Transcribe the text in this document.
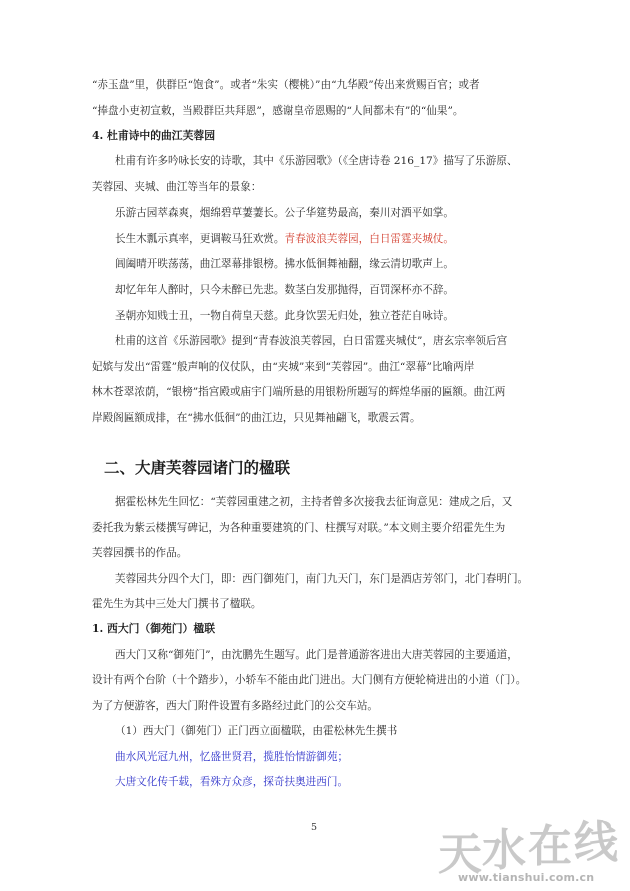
“赤玉盘”里，供群臣“饱食”。或者“朱实（樱桃）”由“九华殿”传出来赏赐百官；或者
“捧盘小吏初宣敕，当殿群臣共拜恩”，感谢皇帝恩赐的“人间都未有”的“仙果”。
4. 杜甫诗中的曲江芙蓉园
杜甫有许多吟咏长安的诗歌，其中《乐游园歌》（《全唐诗卷 216_17》描写了乐游原、
芙蓉园、夹城、曲江等当年的景象：
乐游古园萃森爽，烟绵碧草萋萋长。公子华筵势最高，秦川对酒平如掌。
长生木瓢示真率，更调鞍马狂欢赏。青春波浪芙蓉园，白日雷霆夹城仗。
阊阖晴开昳荡荡，曲江翠幕排银榜。拂水低徊舞袖翻，缘云清切歌声上。
却忆年年人醉时，只今未醉已先悲。数茎白发那抛得，百罚深杯亦不辞。
圣朝亦知贱士丑，一物自荷皇天慈。此身饮罢无归处，独立苍茫自咏诗。
杜甫的这首《乐游园歌》提到“青春波浪芙蓉园，白日雷霆夹城仗”，唐玄宗率领后宫
妃嫔与发出“雷霆”般声响的仪仗队，由“夹城”来到“芙蓉园”。曲江“翠幕”比喻两岸
林木苍翠浓荫，“银榜”指宫殿或庙宇门端所悬的用银粉所题写的辉煌华丽的匾额。曲江两
岸殿阁匾额成排，在“拂水低徊”的曲江边，只见舞袖翩飞，歌震云霄。
二、大唐芙蓉园诸门的楹联
据霍松林先生回忆：“芙蓉园重建之初，主持者曾多次接我去征询意见：建成之后，又
委托我为紫云楼撰写碑记，为各种重要建筑的门、柱撰写对联。”本文则主要介绍霍先生为
芙蓉园撰书的作品。
芙蓉园共分四个大门，即：西门御苑门，南门九天门，东门是酒店芳邻门，北门春明门。
霍先生为其中三处大门撰书了楹联。
1. 西大门（御苑门）楹联
西大门又称“御苑门”，由沈鹏先生题写。此门是普通游客进出大唐芙蓉园的主要通道，
设计有两个台阶（十个踏步），小轿车不能由此门进出。大门侧有方便轮椅进出的小道（门）。
为了方便游客，西大门附件设置有多路经过此门的公交车站。
（1）西大门（御苑门）正门西立面楹联，由霍松林先生撰书
曲水风光冠九州，忆盛世贤君，揽胜怡情游御苑；
大唐文化传千载，看殊方众彦，探奇扶奥进西门。
5
天 水 在 线
www.tianshui.com.cn
